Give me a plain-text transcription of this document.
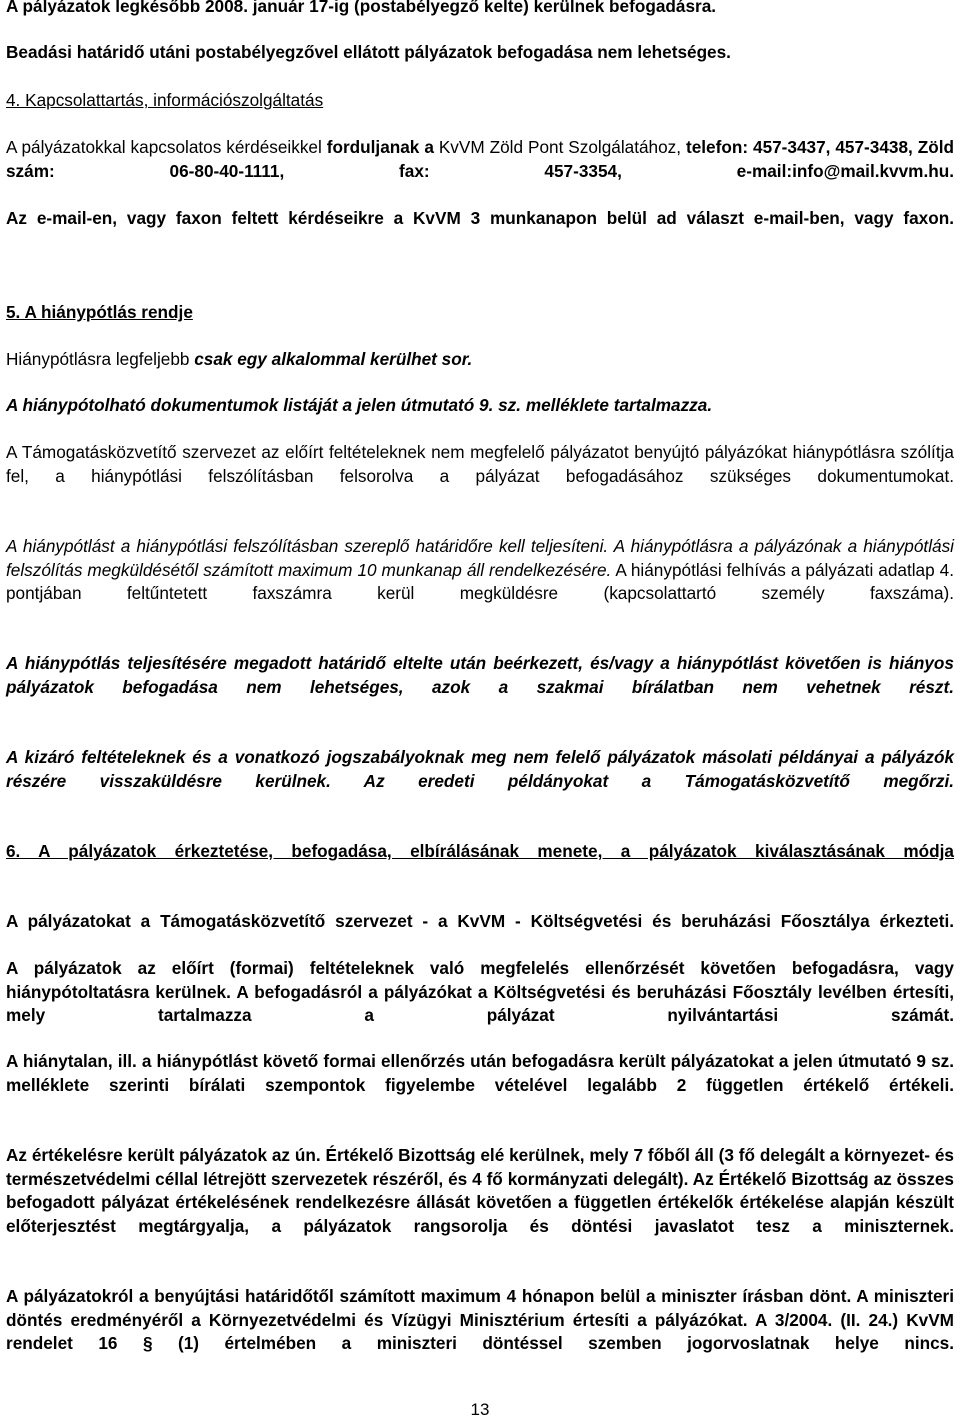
A pályázatok legkésőbb 2008. január 17-ig (postabélyegző kelte) kerülnek befogadásra.

Beadási határidő utáni postabélyegzővel ellátott pályázatok befogadása nem lehetséges.

4. Kapcsolattartás, információszolgáltatás

A pályázatokkal kapcsolatos kérdéseikkel forduljanak a KvVM Zöld Pont Szolgálatához, telefon: 457-3437, 457-3438, Zöld szám: 06-80-40-1111, fax: 457-3354, e-mail:info@mail.kvvm.hu.

Az e-mail-en, vagy faxon feltett kérdéseikre a KvVM 3 munkanapon belül ad választ e-mail-ben, vagy faxon.

5. A hiánypótlás rendje

Hiánypótlásra legfeljebb csak egy alkalommal kerülhet sor.

A hiánypótolható dokumentumok listáját a jelen útmutató 9. sz. melléklete tartalmazza.

A Támogatásközvetítő szervezet az előírt feltételeknek nem megfelelő pályázatot benyújtó pályázókat hiánypótlásra szólítja fel, a hiánypótlási felszólításban felsorolva a pályázat befogadásához szükséges dokumentumokat.

A hiánypótlást a hiánypótlási felszólításban szereplő határidőre kell teljesíteni. A hiánypótlásra a pályázónak a hiánypótlási felszólítás megküldésétől számított maximum 10 munkanap áll rendelkezésére. A hiánypótlási felhívás a pályázati adatlap 4. pontjában feltűntetett faxszámra kerül megküldésre (kapcsolattartó személy faxszáma).

A hiánypótlás teljesítésére megadott határidő eltelte után beérkezett, és/vagy a hiánypótlást követően is hiányos pályázatok befogadása nem lehetséges, azok a szakmai bírálatban nem vehetnek részt.

A kizáró feltételeknek és a vonatkozó jogszabályoknak meg nem felelő pályázatok másolati példányai a pályázók részére visszaküldésre kerülnek. Az eredeti példányokat a Támogatásközvetítő megőrzi.

6. A pályázatok érkeztetése, befogadása, elbírálásának menete, a pályázatok kiválasztásának módja

A pályázatokat a Támogatásközvetítő szervezet - a KvVM - Költségvetési és beruházási Főosztálya érkezteti.

A pályázatok az előírt (formai) feltételeknek való megfelelés ellenőrzését követően befogadásra, vagy hiánypótoltatásra kerülnek. A befogadásról a pályázókat a Költségvetési és beruházási Főosztály levélben értesíti, mely tartalmazza a pályázat nyilvántartási számát.

A hiánytalan, ill. a hiánypótlást követő formai ellenőrzés után befogadásra került pályázatokat a jelen útmutató 9 sz. melléklete szerinti bírálati szempontok figyelembe vételével legalább 2 független értékelő értékeli.

Az értékelésre került pályázatok az ún. Értékelő Bizottság elé kerülnek, mely 7 főből áll (3 fő delegált a környezet- és természetvédelmi céllal létrejött szervezetek részéről, és 4 fő kormányzati delegált). Az Értékelő Bizottság az összes befogadott pályázat értékelésének rendelkezésre állását követően a független értékelők értékelése alapján készült előterjesztést megtárgyalja, a pályázatok rangsorolja és döntési javaslatot tesz a miniszternek.

A pályázatokról a benyújtási határidőtől számított maximum 4 hónapon belül a miniszter írásban dönt. A miniszteri döntés eredményéről a Környezetvédelmi és Vízügyi Minisztérium értesíti a pályázókat. A 3/2004. (II. 24.) KvVM rendelet 16 § (1) értelmében a miniszteri döntéssel szemben jogorvoslatnak helye nincs.

13
